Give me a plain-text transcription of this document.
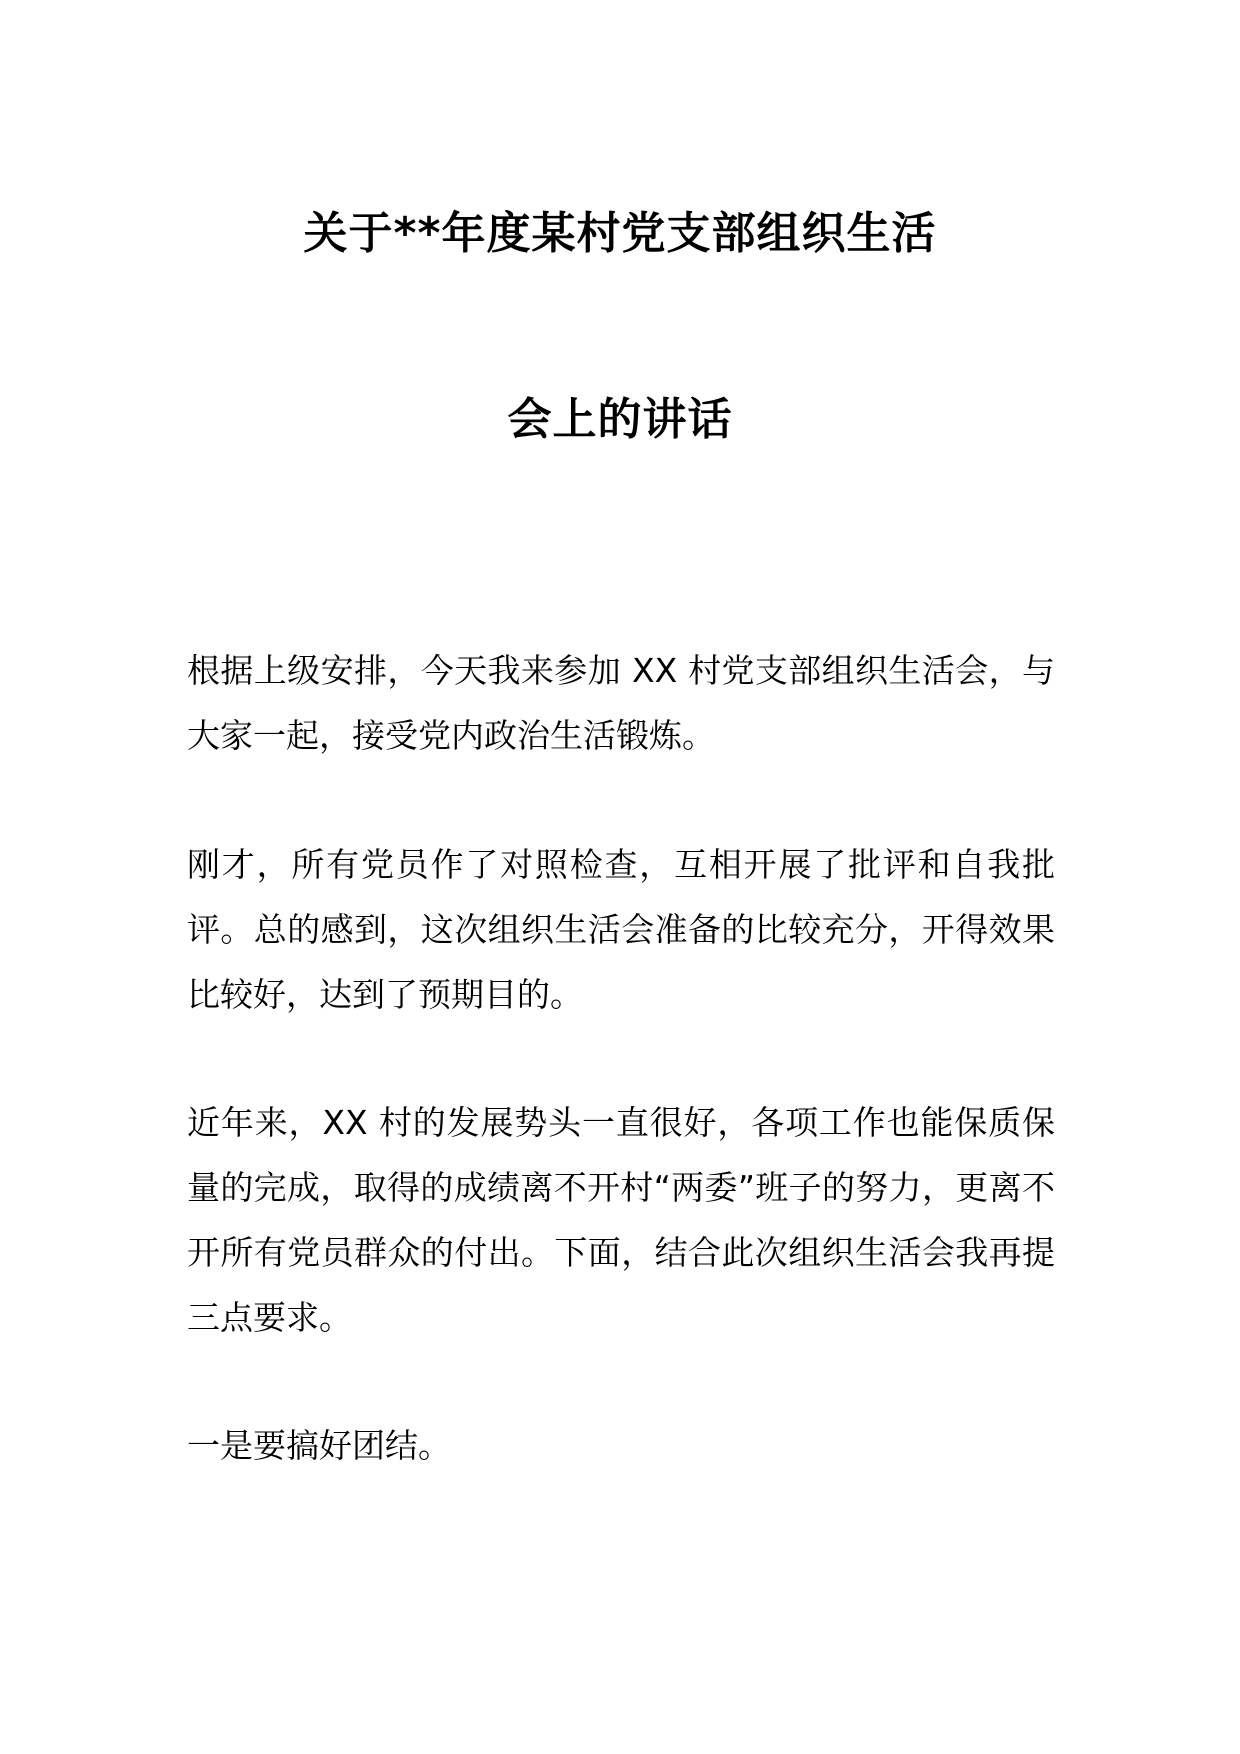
关于**年度某村党支部组织生活
会上的讲话

根据上级安排，今天我来参加 XX 村党支部组织生活会，与大家一起，接受党内政治生活锻炼。

刚才，所有党员作了对照检查，互相开展了批评和自我批评。总的感到，这次组织生活会准备的比较充分，开得效果比较好，达到了预期目的。

近年来，XX 村的发展势头一直很好，各项工作也能保质保量的完成，取得的成绩离不开村“两委”班子的努力，更离不开所有党员群众的付出。下面，结合此次组织生活会我再提三点要求。

一是要搞好团结。
